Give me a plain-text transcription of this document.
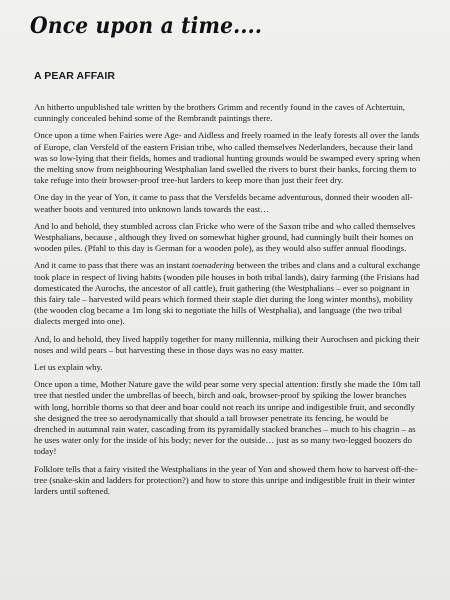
Once upon a time....
A PEAR AFFAIR

An hitherto unpublished tale written by the brothers Grimm and recently found in the caves of Achtertuin, cunningly concealed behind some of the Rembrandt paintings there.

Once upon a time when Fairies were Age- and Aidless and freely roamed in the leafy forests all over the lands of Europe, clan Versfeld of the eastern Frisian tribe, who called themselves Nederlanders, because their land was so low-lying that their fields, homes and tradional hunting grounds would be swamped every spring when the melting snow from neighbouring Westphalian land swelled the rivers to burst their banks, forcing them to take refuge into their browser-proof tree-hut larders to keep more than just their feet dry.

One day in the year of Yon, it came to pass that the Versfelds became adventurous, donned their wooden all-weather boots and ventured into unknown lands towards the east…

And lo and behold, they stumbled across clan Fricke who were of the Saxon tribe and who called themselves Westphalians, because , although they lived on somewhat higher ground, had cunningly built their homes on wooden piles. (Pfahl to this day is German for a wooden pole), as they would also suffer annual floodings.

And it came to pass that there was an instant toenadering between the tribes and clans and a cultural exchange took place in respect of living habits (wooden pile houses in both tribal lands), dairy farming (the Frisians had domesticated the Aurochs, the ancestor of all cattle), fruit gathering (the Westphalians – ever so poignant in this fairy tale – harvested wild pears which formed their staple diet during the long winter months), mobility (the wooden clog became a 1m long ski to negotiate the hills of Westphalia), and language (the two tribal dialects merged into one).

And, lo and behold, they lived happily together for many millennia, milking their Aurochsen and picking their noses and wild pears – but harvesting these in those days was no easy matter.

Let us explain why.

Once upon a time, Mother Nature gave the wild pear some very special attention: firstly she made the 10m tall tree that nestled under the umbrellas of beech, birch and oak, browser-proof by spiking the lower branches with long, horrible thorns so that deer and boar could not reach its unripe and indigestible fruit, and secondly she designed the tree so aerodynamically that should a tall browser penetrate its fencing, he would be drenched in autumnal rain water, cascading from its pyramidally stacked branches – much to his chagrin – as he uses water only for the inside of his body; never for the outside… just as so many two-legged boozers do today!

Folklore tells that a fairy visited the Westphalians in the year of Yon and showed them how to harvest off-the-tree (snake-skin and ladders for protection?) and how to store this unripe and indigestible fruit in their winter larders until softened.
